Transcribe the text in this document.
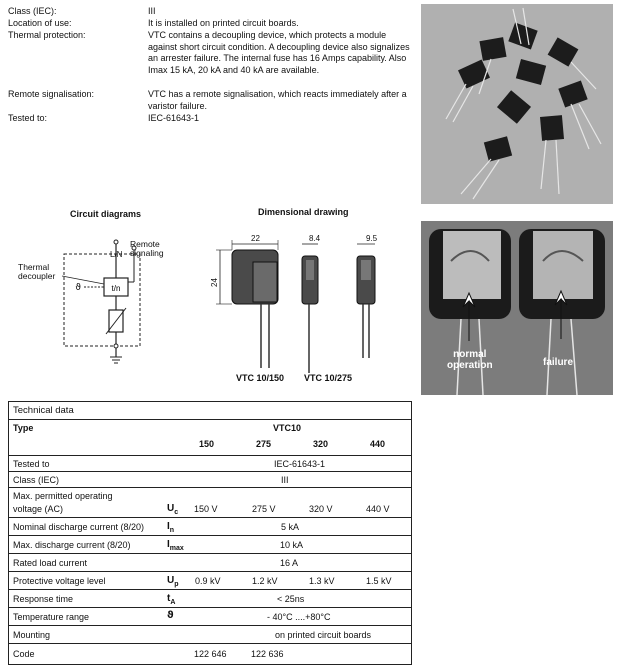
Class (IEC):	III
Location of use:	It is installed on printed circuit boards.
Thermal protection:	VTC contains a decoupling device, which protects a module against short circuit condition. A decoupling device also signalizes an arrester failure. The internal fuse has 16 Amps capability. Also Imax 15 kA, 20 kA and 40 kA are available.
Remote signalisation:	VTC has a remote signalisation, which reacts immediately after a varistor failure.
Tested to:	IEC-61643-1
Circuit diagrams
t/n
ϑ
L/N
Remote
signaling
Thermal
decoupler
Dimensional drawing
22
24
8.4	9.5
VTC 10/150 VTC 10/275
normal
operation	failure
Technical data
Type	VTC10
150	275	320	440
Tested to	IEC-61643-1
Class (IEC)	III
Max. permitted operating
voltage (AC)	$U_c$ 150 V	275 V	320 V	440 V
Nominal discharge current (8/20) $I_n$	5 kA
Max. discharge current (8/20)	$I_{max}$	10 kA
Rated load current	16 A
Protective voltage level	$U_p$ 0.9 kV	1.2 kV	1.3 kV	1.5 kV
Response time	$t_A$	< 25ns
Temperature range	ϑ	- 40°C ....+80°C
Mounting	on printed circuit boards
Code	122 646	122 636
